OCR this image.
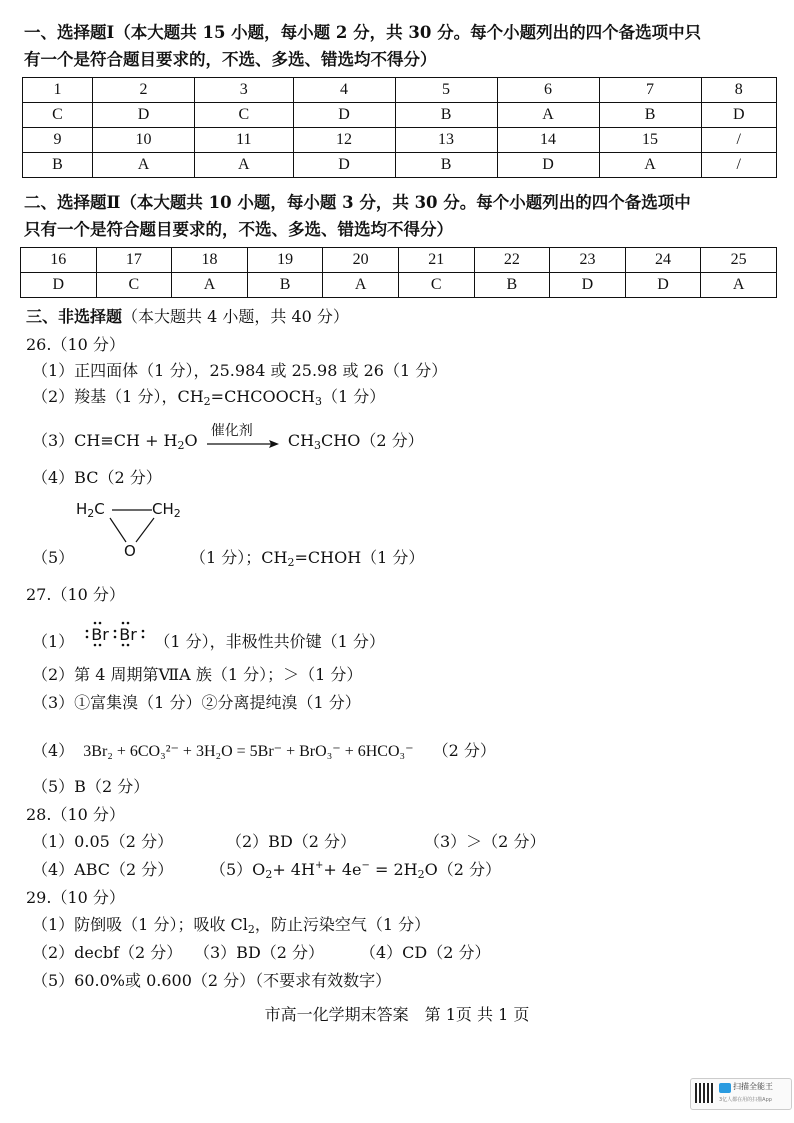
一、选择题Ⅰ（本大题共 15 小题，每小题 2 分，共 30 分。每个小题列出的四个备选项中只
有一个是符合题目要求的，不选、多选、错选均不得分）
1	2	3	4	5	6	7	8
C	D	C	D	B	A	B	D
9	10	11	12	13	14	15	/
B	A	A	D	B	D	A	/
二、选择题Ⅱ（本大题共 10 小题，每小题 3 分，共 30 分。每个小题列出的四个备选项中
只有一个是符合题目要求的，不选、多选、错选均不得分）
16	17	18	19	20	21	22	23	24	25
D	C	A	B	A	C	B	D	D	A
三、非选择题（本大题共 4 小题，共 40 分）
26.（10 分）
（1）正四面体（1 分），25.984 或 25.98 或 26（1 分）
（2）羧基（1 分），$CH_2=CHCOOCH_3(1$ 分）
$(3)CH\equiv CH + H_2O$
催化剂
$CH_3CHO(2$ 分）
（4）BC（2 分）
$H_2C$	$CH_2$
O
（5）	（1 分）；$CH_2=CHOH(1$ 分）
27.（10 分）
（1） Br Br （1 分），非极性共价键（1 分）
（2）第 4 周期第ⅦA 族（1 分）；＞（1 分）
（3）①富集溴（1 分）②分离提纯溴（1 分）
（4） 3Br₂ + 6CO₃²⁻ + 3H₂O = 5Br⁻ + BrO₃⁻ + 6HCO₃⁻ （2 分）
（5）B（2 分）
28.（10 分）
（1）0.05（2 分）	（2）BD（2 分）	（3）＞（2 分）
（4）ABC（2 分） $(5)O_2+ 4H^++ 4e^- = 2H_2O(2$ 分）
29.（10 分）
（1）防倒吸（1 分）；吸收 $Cl_2$，防止污染空气（1 分）
（2）decbf（2 分） （3）BD（2 分） （4）CD（2 分）
（5）60.0%或 0.600（2 分）（不要求有效数字）
市高一化学期末答案　第 1页 共 1 页
扫描全能王
3亿人都在用的扫描App
